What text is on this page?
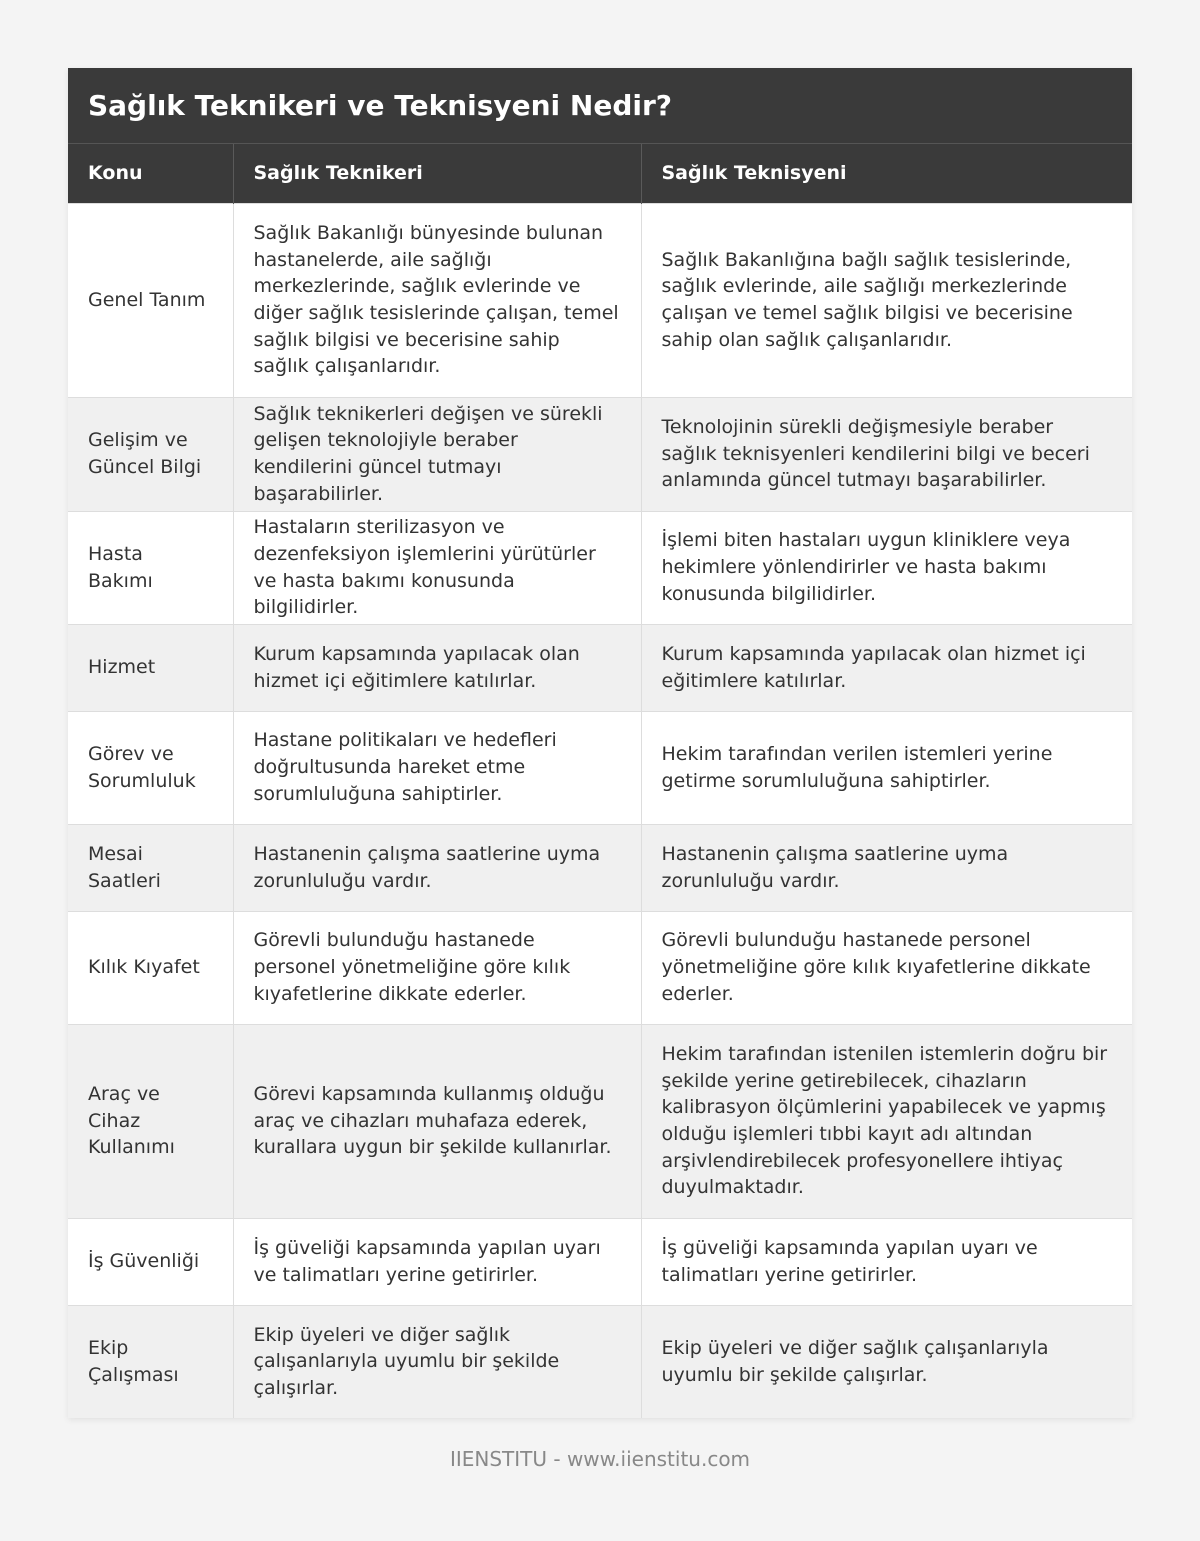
Sağlık Teknikeri ve Teknisyeni Nedir?
Konu	Sağlık Teknikeri	Sağlık Teknisyeni
Genel Tanım	Sağlık Bakanlığı bünyesinde bulunan hastanelerde, aile sağlığı merkezlerinde, sağlık evlerinde ve diğer sağlık tesislerinde çalışan, temel sağlık bilgisi ve becerisine sahip sağlık çalışanlarıdır.	Sağlık Bakanlığına bağlı sağlık tesislerinde, sağlık evlerinde, aile sağlığı merkezlerinde çalışan ve temel sağlık bilgisi ve becerisine sahip olan sağlık çalışanlarıdır.
Gelişim ve Güncel Bilgi	Sağlık teknikerleri değişen ve sürekli gelişen teknolojiyle beraber kendilerini güncel tutmayı başarabilirler.	Teknolojinin sürekli değişmesiyle beraber sağlık teknisyenleri kendilerini bilgi ve beceri anlamında güncel tutmayı başarabilirler.
Hasta Bakımı	Hastaların sterilizasyon ve dezenfeksiyon işlemlerini yürütürler ve hasta bakımı konusunda bilgilidirler.	İşlemi biten hastaları uygun kliniklere veya hekimlere yönlendirirler ve hasta bakımı konusunda bilgilidirler.
Hizmet	Kurum kapsamında yapılacak olan hizmet içi eğitimlere katılırlar.	Kurum kapsamında yapılacak olan hizmet içi eğitimlere katılırlar.
Görev ve Sorumluluk	Hastane politikaları ve hedefleri doğrultusunda hareket etme sorumluluğuna sahiptirler.	Hekim tarafından verilen istemleri yerine getirme sorumluluğuna sahiptirler.
Mesai Saatleri	Hastanenin çalışma saatlerine uyma zorunluluğu vardır.	Hastanenin çalışma saatlerine uyma zorunluluğu vardır.
Kılık Kıyafet	Görevli bulunduğu hastanede personel yönetmeliğine göre kılık kıyafetlerine dikkate ederler.	Görevli bulunduğu hastanede personel yönetmeliğine göre kılık kıyafetlerine dikkate ederler.
Araç ve Cihaz Kullanımı	Görevi kapsamında kullanmış olduğu araç ve cihazları muhafaza ederek, kurallara uygun bir şekilde kullanırlar.	Hekim tarafından istenilen istemlerin doğru bir şekilde yerine getirebilecek, cihazların kalibrasyon ölçümlerini yapabilecek ve yapmış olduğu işlemleri tıbbi kayıt adı altından arşivlendirebilecek profesyonellere ihtiyaç duyulmaktadır.
İş Güvenliği	İş güveliği kapsamında yapılan uyarı ve talimatları yerine getirirler.	İş güveliği kapsamında yapılan uyarı ve talimatları yerine getirirler.
Ekip Çalışması	Ekip üyeleri ve diğer sağlık çalışanlarıyla uyumlu bir şekilde çalışırlar.	Ekip üyeleri ve diğer sağlık çalışanlarıyla uyumlu bir şekilde çalışırlar.
IIENSTITU - www.iienstitu.com
